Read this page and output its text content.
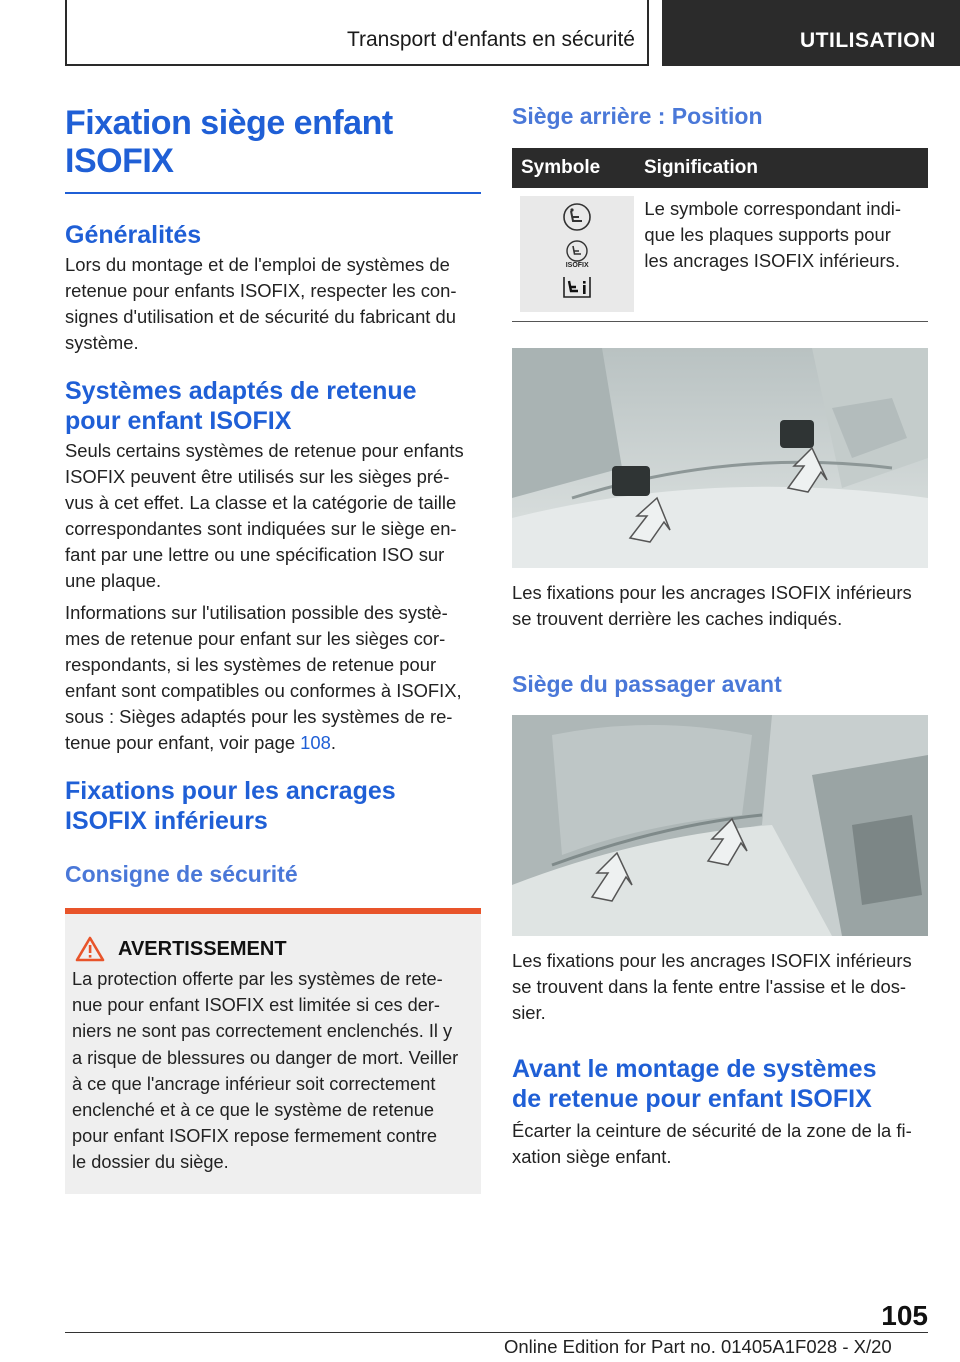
Transport d'enfants en sécurité	UTILISATION
Fixation siège enfant
ISOFIX
Généralités
Lors du montage et de l'emploi de systèmes de
retenue pour enfants ISOFIX, respecter les con-
signes d'utilisation et de sécurité du fabricant du
système.
Systèmes adaptés de retenue
pour enfant ISOFIX
Seuls certains systèmes de retenue pour enfants
ISOFIX peuvent être utilisés sur les sièges pré-
vus à cet effet. La classe et la catégorie de taille
correspondantes sont indiquées sur le siège en-
fant par une lettre ou une spécification ISO sur
une plaque.
Informations sur l'utilisation possible des systè-
mes de retenue pour enfant sur les sièges cor-
respondants, si les systèmes de retenue pour
enfant sont compatibles ou conformes à ISOFIX,
sous : Sièges adaptés pour les systèmes de re-
tenue pour enfant, voir page 108.
Fixations pour les ancrages
ISOFIX inférieurs
Consigne de sécurité
AVERTISSEMENT
La protection offerte par les systèmes de rete-
nue pour enfant ISOFIX est limitée si ces der-
niers ne sont pas correctement enclenchés. Il y
a risque de blessures ou danger de mort. Veiller
à ce que l'ancrage inférieur soit correctement
enclenché et à ce que le système de retenue
pour enfant ISOFIX repose fermement contre
le dossier du siège.
Siège arrière : Position
Symbole	Signification
ISOFIX
Le symbole correspondant indi-
que les plaques supports pour
les ancrages ISOFIX inférieurs.
Les fixations pour les ancrages ISOFIX inférieurs
se trouvent derrière les caches indiqués.
Siège du passager avant
Les fixations pour les ancrages ISOFIX inférieurs
se trouvent dans la fente entre l'assise et le dos-
sier.
Avant le montage de systèmes
de retenue pour enfant ISOFIX
Écarter la ceinture de sécurité de la zone de la fi-
xation siège enfant.
105
Online Edition for Part no. 01405A1F028 - X/20
